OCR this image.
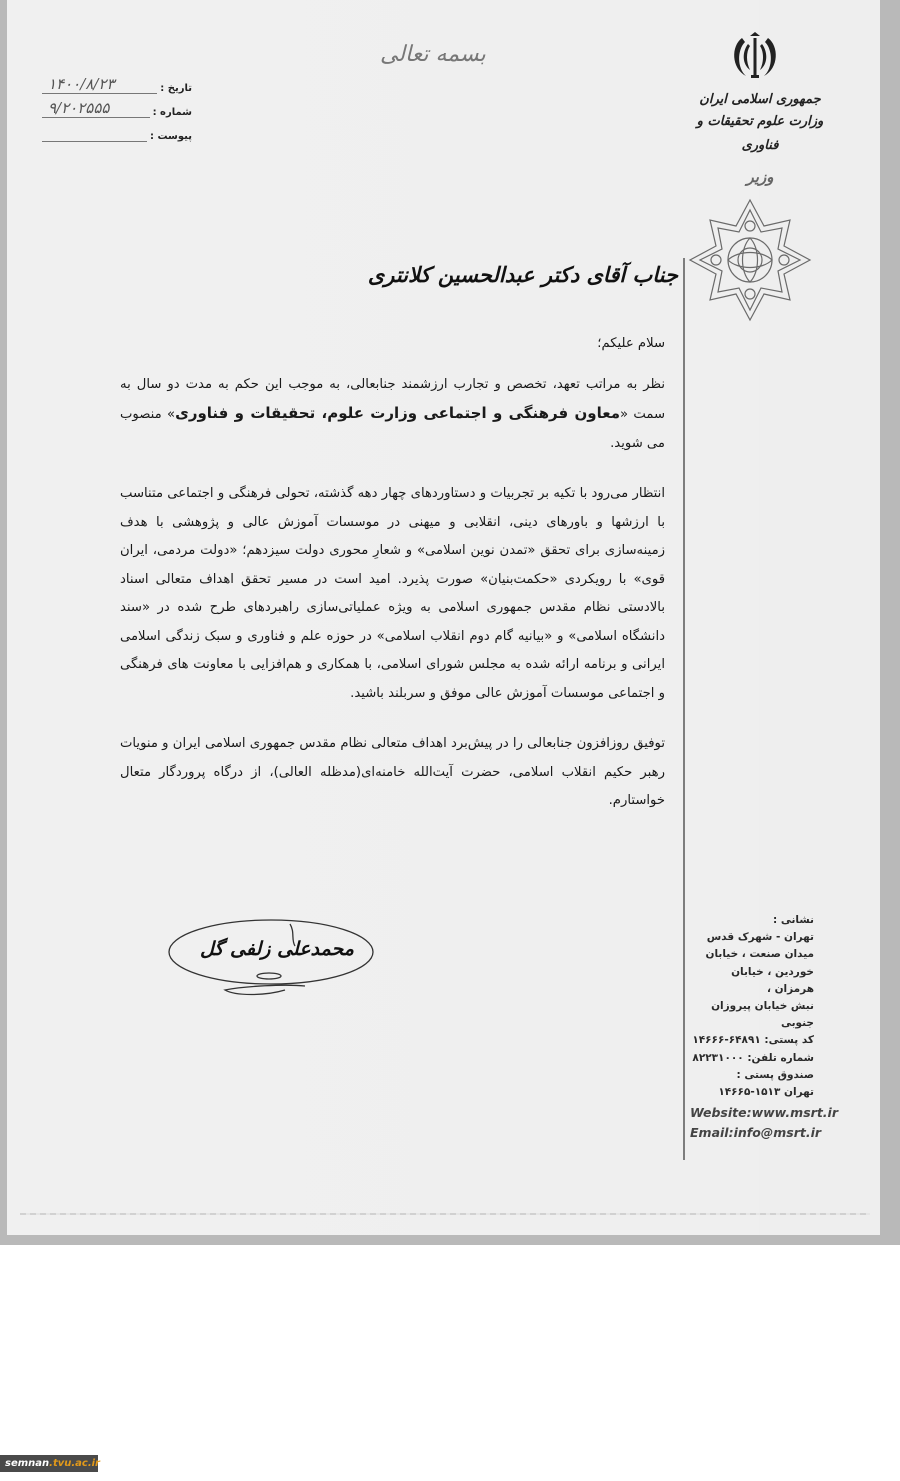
بسمه تعالی
تاریخ :
۱۴۰۰/۸/۲۳
شماره :
۹/۲۰۲۵۵۵
پیوست :
جمهوری اسلامی ایران
وزارت علوم تحقیقات و فناوری
وزیر
جناب آقای دکتر عبدالحسین کلانتری

سلام علیکم؛

نظر به مراتب تعهد، تخصص و تجارب ارزشمند جنابعالی، به موجب این حکم به مدت دو سال به سمت «معاون فرهنگی و اجتماعی وزارت علوم، تحقیقات و فناوری» منصوب می شوید.

انتظار می‌رود با تکیه بر تجربیات و دستاوردهای چهار دهه گذشته، تحولی فرهنگی و اجتماعی متناسب با ارزشها و باورهای دینی، انقلابی و میهنی در موسسات آموزش عالی و پژوهشی با هدف زمینه‌سازی برای تحقق «تمدن نوین اسلامی» و شعارِ محوری دولت سیزدهم؛ «دولت مردمی، ایران قوی» با رویکردی «حکمت‌بنیان» صورت پذیرد. امید است در مسیر تحقق اهداف متعالی اسناد بالادستی نظام مقدس جمهوری اسلامی به ویژه عملیاتی‌سازی راهبردهای طرح شده در «سند دانشگاه اسلامی» و «بیانیه گام دوم انقلاب اسلامی» در حوزه علم و فناوری و سبک زندگی اسلامی ایرانی و برنامه ارائه شده به مجلس شورای اسلامی، با همکاری و هم‌افزایی با معاونت های فرهنگی و اجتماعی موسسات آموزش عالی موفق و سربلند باشید.

توفیق روزافزون جنابعالی را در پیش‌برد اهداف متعالی نظام مقدس جمهوری اسلامی ایران و منویات رهبر حکیم انقلاب اسلامی، حضرت آیت‌الله خامنه‌ای(مدظله العالی)، از درگاه پروردگار متعال خواستارم.

محمدعلی زلفی گل
نشانی :
تهران - شهرک قدس
میدان صنعت ، خیابان
خوردین ، خیابان هرمزان ،
نبش خیابان پیروزان جنوبی
کد پستی: ۶۴۸۹۱-۱۴۶۶۶
شماره تلفن: ۸۲۲۳۱۰۰۰
صندوق پستی :
تهران ۱۵۱۳-۱۴۶۶۵
Website:www.msrt.ir
Email:info@msrt.ir
semnan.tvu.ac.ir
